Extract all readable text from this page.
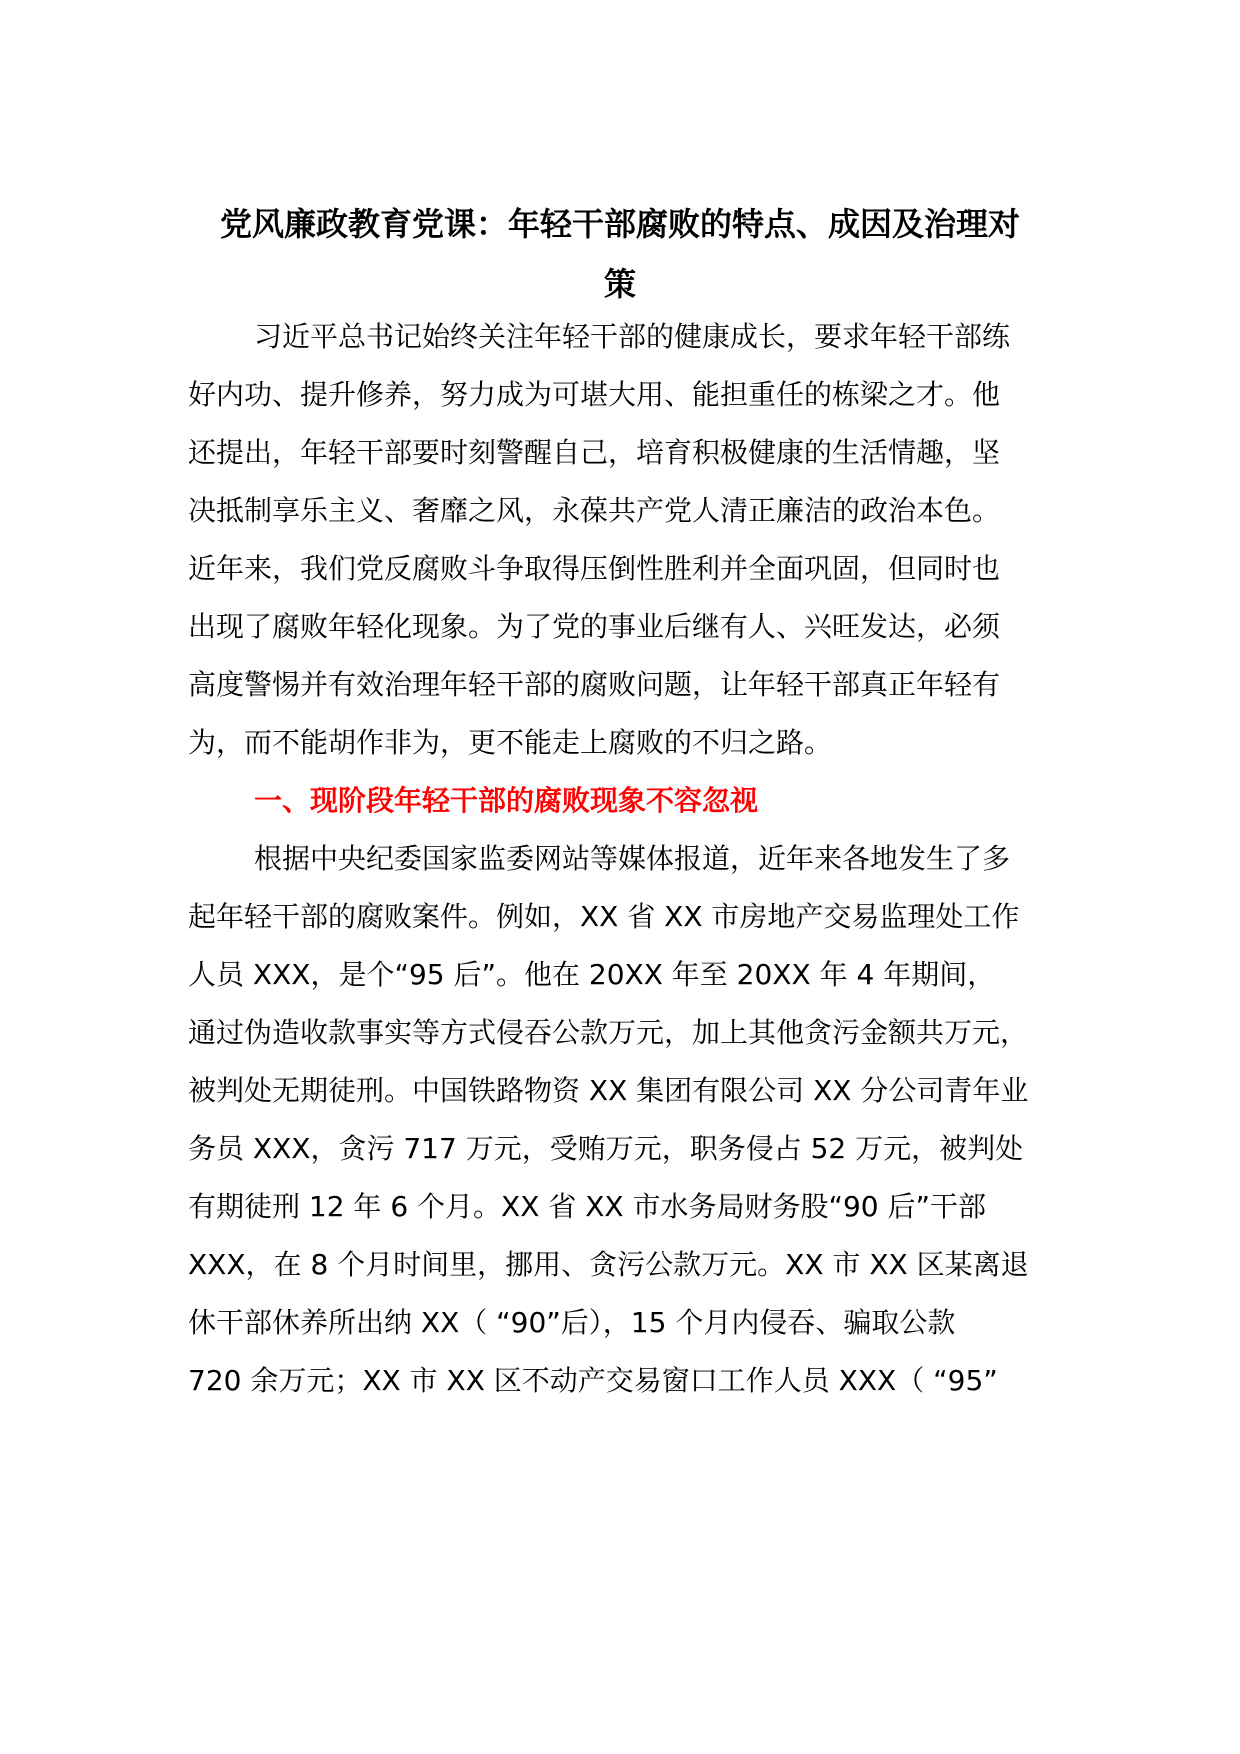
党风廉政教育党课：年轻干部腐败的特点、成因及治理对
策

习近平总书记始终关注年轻干部的健康成长，要求年轻干部练

好内功、提升修养，努力成为可堪大用、能担重任的栋梁之才。他

还提出，年轻干部要时刻警醒自己，培育积极健康的生活情趣，坚

决抵制享乐主义、奢靡之风，永葆共产党人清正廉洁的政治本色。

近年来，我们党反腐败斗争取得压倒性胜利并全面巩固，但同时也

出现了腐败年轻化现象。为了党的事业后继有人、兴旺发达，必须

高度警惕并有效治理年轻干部的腐败问题，让年轻干部真正年轻有

为，而不能胡作非为，更不能走上腐败的不归之路。

一、现阶段年轻干部的腐败现象不容忽视

根据中央纪委国家监委网站等媒体报道，近年来各地发生了多

起年轻干部的腐败案件。例如，XX 省 XX 市房地产交易监理处工作

人员 XXX，是个“95 后”。他在 20XX 年至 20XX 年 4 年期间，

通过伪造收款事实等方式侵吞公款万元，加上其他贪污金额共万元，

被判处无期徒刑。中国铁路物资 XX 集团有限公司 XX 分公司青年业

务员 XXX，贪污 717 万元，受贿万元，职务侵占 52 万元，被判处

有期徒刑 12 年 6 个月。XX 省 XX 市水务局财务股“90 后”干部

XXX，在 8 个月时间里，挪用、贪污公款万元。XX 市 XX 区某离退

休干部休养所出纳 XX（ “90”后），15 个月内侵吞、骗取公款

720 余万元；XX 市 XX 区不动产交易窗口工作人员 XXX（ “95”
